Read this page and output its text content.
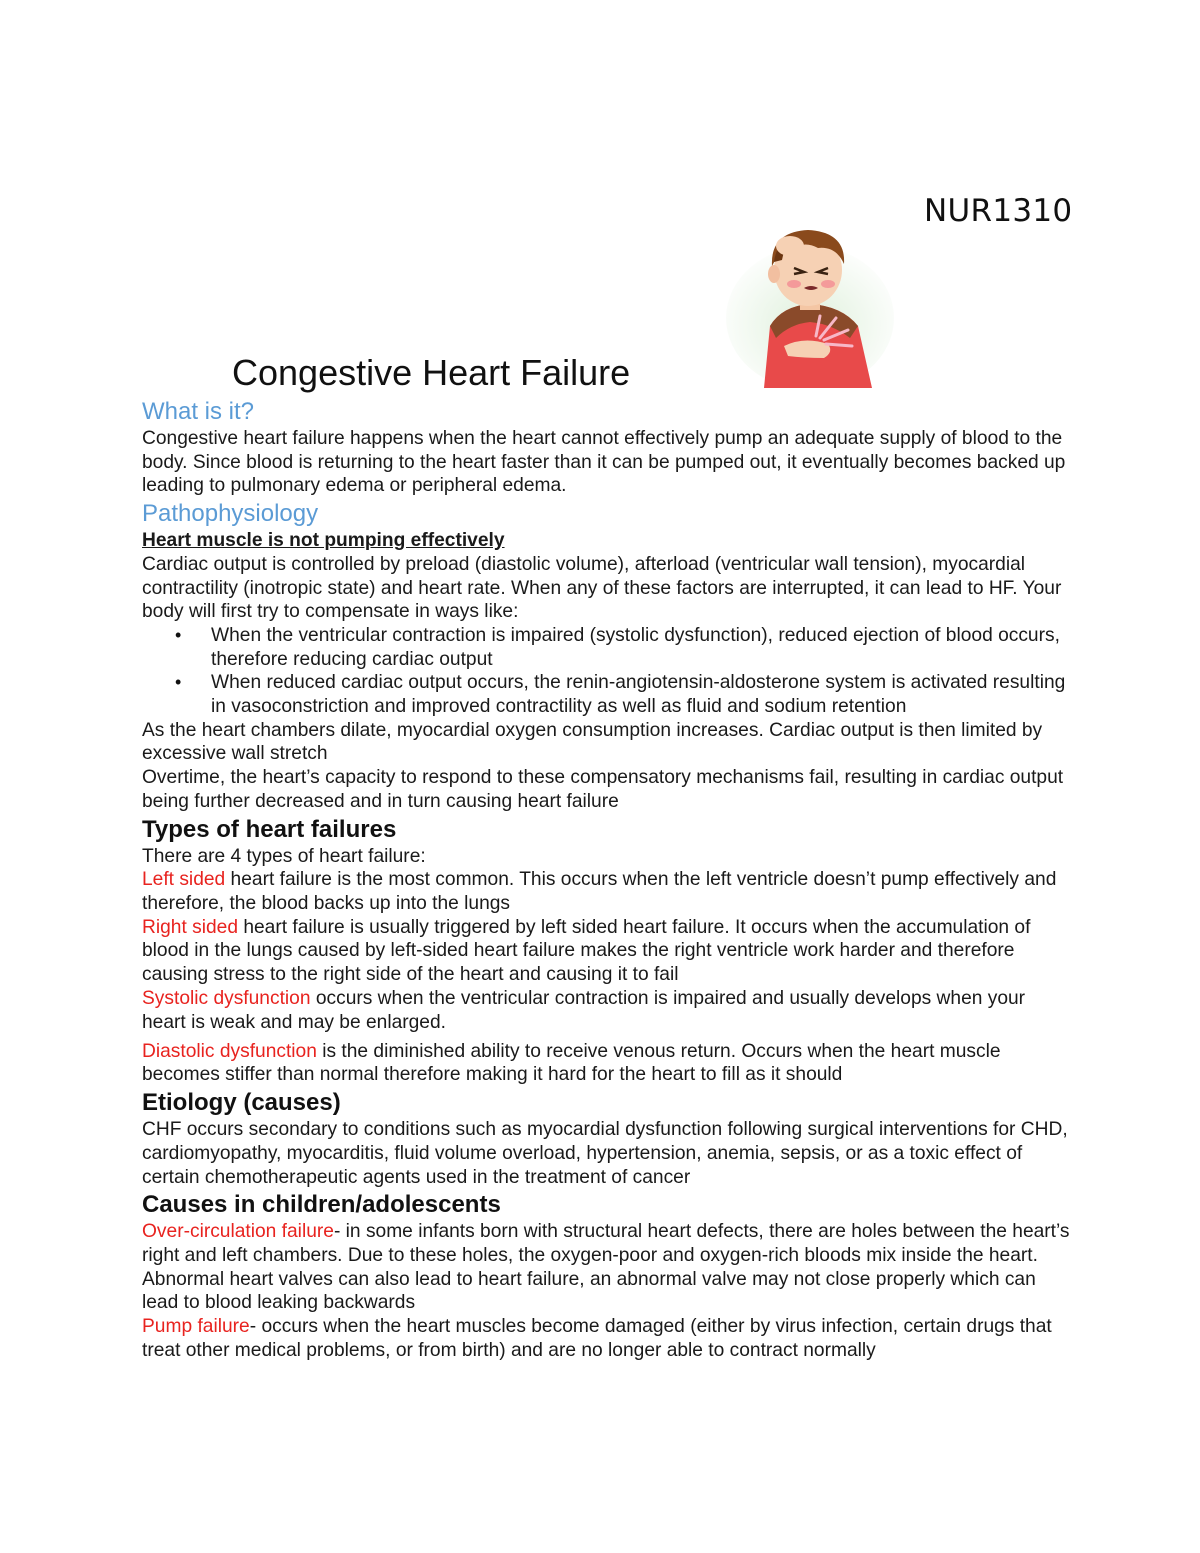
NUR1310
Congestive Heart Failure

What is it?

Congestive heart failure happens when the heart cannot effectively pump an adequate supply of blood to the body. Since blood is returning to the heart faster than it can be pumped out, it eventually becomes backed up leading to pulmonary edema or peripheral edema.

Pathophysiology

Heart muscle is not pumping effectively

Cardiac output is controlled by preload (diastolic volume), afterload (ventricular wall tension), myocardial contractility (inotropic state) and heart rate. When any of these factors are interrupted, it can lead to HF. Your body will first try to compensate in ways like:

• When the ventricular contraction is impaired (systolic dysfunction), reduced ejection of blood occurs, therefore reducing cardiac output
• When reduced cardiac output occurs, the renin-angiotensin-aldosterone system is activated resulting in vasoconstriction and improved contractility as well as fluid and sodium retention

As the heart chambers dilate, myocardial oxygen consumption increases. Cardiac output is then limited by excessive wall stretch

Overtime, the heart’s capacity to respond to these compensatory mechanisms fail, resulting in cardiac output being further decreased and in turn causing heart failure

Types of heart failures

There are 4 types of heart failure:

Left sided heart failure is the most common. This occurs when the left ventricle doesn’t pump effectively and therefore, the blood backs up into the lungs

Right sided heart failure is usually triggered by left sided heart failure. It occurs when the accumulation of blood in the lungs caused by left-sided heart failure makes the right ventricle work harder and therefore causing stress to the right side of the heart and causing it to fail

Systolic dysfunction occurs when the ventricular contraction is impaired and usually develops when your heart is weak and may be enlarged.

Diastolic dysfunction is the diminished ability to receive venous return. Occurs when the heart muscle becomes stiffer than normal therefore making it hard for the heart to fill as it should

Etiology (causes)

CHF occurs secondary to conditions such as myocardial dysfunction following surgical interventions for CHD, cardiomyopathy, myocarditis, fluid volume overload, hypertension, anemia, sepsis, or as a toxic effect of certain chemotherapeutic agents used in the treatment of cancer

Causes in children/adolescents

Over-circulation failure- in some infants born with structural heart defects, there are holes between the heart’s right and left chambers. Due to these holes, the oxygen-poor and oxygen-rich bloods mix inside the heart.

Abnormal heart valves can also lead to heart failure, an abnormal valve may not close properly which can lead to blood leaking backwards

Pump failure- occurs when the heart muscles become damaged (either by virus infection, certain drugs that treat other medical problems, or from birth) and are no longer able to contract normally
